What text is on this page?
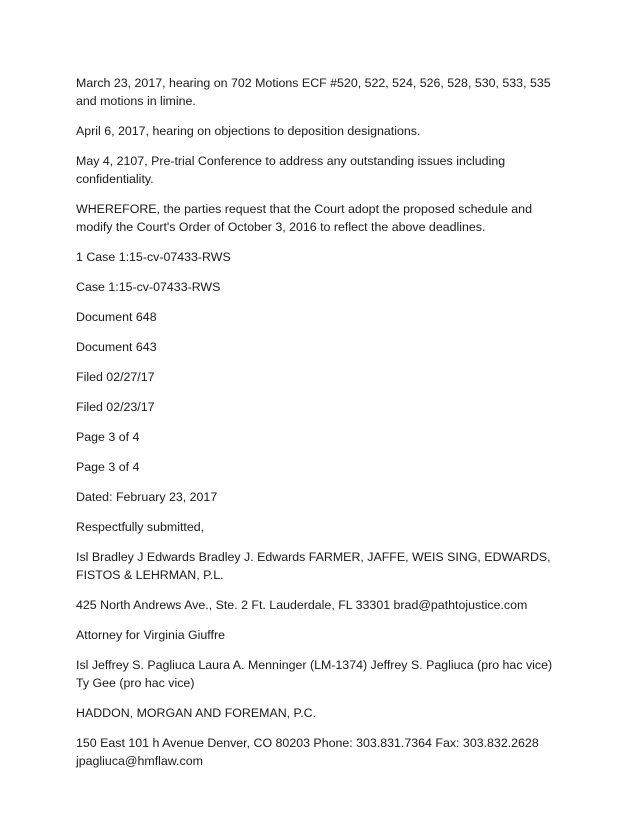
March 23, 2017, hearing on 702 Motions ECF #520, 522, 524, 526, 528, 530, 533, 535 and motions in limine.

April 6, 2017, hearing on objections to deposition designations.

May 4, 2107, Pre-trial Conference to address any outstanding issues including confidentiality.

WHEREFORE, the parties request that the Court adopt the proposed schedule and modify the Court's Order of October 3, 2016 to reflect the above deadlines.

1 Case 1:15-cv-07433-RWS

Case 1:15-cv-07433-RWS

Document 648

Document 643

Filed 02/27/17

Filed 02/23/17

Page 3 of 4

Page 3 of 4

Dated: February 23, 2017

Respectfully submitted,

Isl Bradley J Edwards Bradley J. Edwards FARMER, JAFFE, WEIS SING, EDWARDS, FISTOS & LEHRMAN, P.L.

425 North Andrews Ave., Ste. 2 Ft. Lauderdale, FL 33301 brad@pathtojustice.com

Attorney for Virginia Giuffre

Isl Jeffrey S. Pagliuca Laura A. Menninger (LM-1374) Jeffrey S. Pagliuca (pro hac vice) Ty Gee (pro hac vice)

HADDON, MORGAN AND FOREMAN, P.C.

150 East 101 h Avenue Denver, CO 80203 Phone: 303.831.7364 Fax: 303.832.2628 jpagliuca@hmflaw.com
